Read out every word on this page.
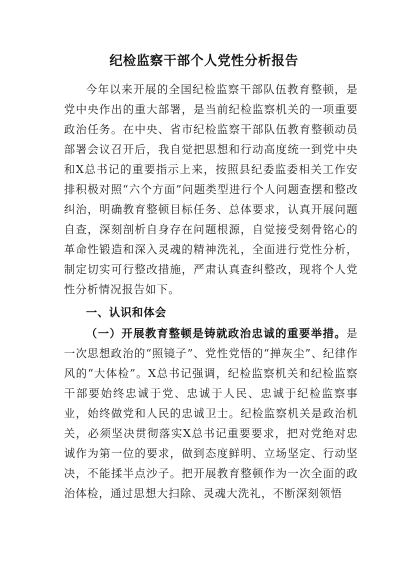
纪检监察干部个人党性分析报告

今年以来开展的全国纪检监察干部队伍教育整顿，是党中央作出的重大部署，是当前纪检监察机关的一项重要政治任务。在中央、省市纪检监察干部队伍教育整顿动员部署会议召开后，我自觉把思想和行动高度统一到党中央和X总书记的重要指示上来，按照县纪委监委相关工作安排积极对照“六个方面”问题类型进行个人问题查摆和整改纠治，明确教育整顿目标任务、总体要求，认真开展问题自查，深刻剖析自身存在问题根源，自觉接受刻骨铭心的革命性锻造和深入灵魂的精神洗礼，全面进行党性分析，制定切实可行整改措施，严肃认真查纠整改，现将个人党性分析情况报告如下。

一、认识和体会

（一）开展教育整顿是铸就政治忠诚的重要举措。是一次思想政治的“照镜子”、党性党悟的“掸灰尘”、纪律作风的“大体检”。X总书记强调，纪检监察机关和纪检监察干部要始终忠诚于党、忠诚于人民、忠诚于纪检监察事业，始终做党和人民的忠诚卫士。纪检监察机关是政治机关，必须坚决贯彻落实X总书记重要要求，把对党绝对忠诚作为第一位的要求，做到态度鲜明、立场坚定、行动坚决，不能揉半点沙子。把开展教育整顿作为一次全面的政治体检，通过思想大扫除、灵魂大洗礼，不断深刻领悟
